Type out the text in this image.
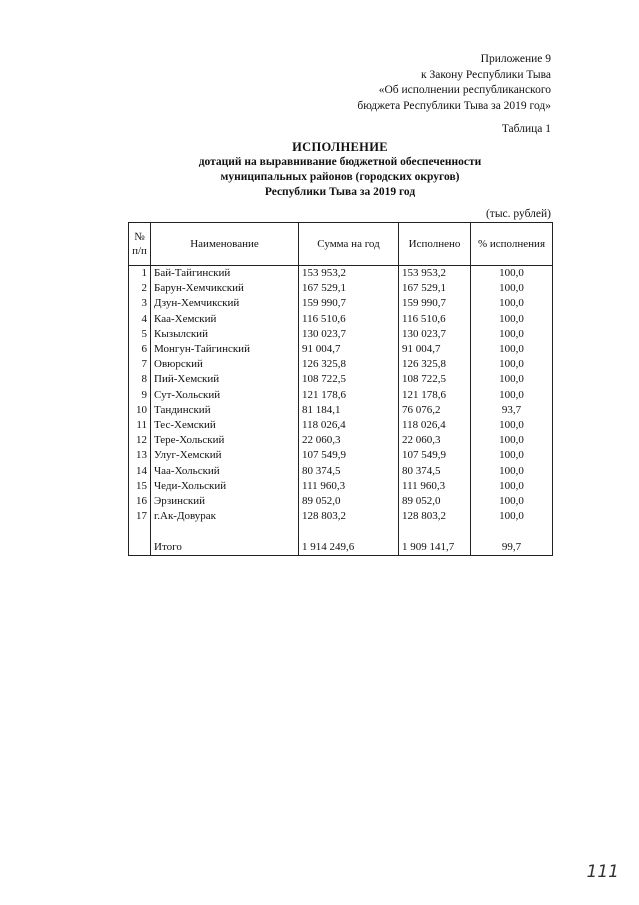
Приложение 9
к Закону Республики Тыва
«Об исполнении республиканского
бюджета Республики Тыва за 2019 год»
Таблица 1
ИСПОЛНЕНИЕ
дотаций на выравнивание бюджетной обеспеченности
муниципальных районов (городских округов)
Республики Тыва за 2019 год
(тыс. рублей)
№
п/п	Наименование	Сумма на год	Исполнено	% исполнения
1	Бай-Тайгинский	153 953,2	153 953,2	100,0
2	Барун-Хемчикский	167 529,1	167 529,1	100,0
3	Дзун-Хемчикский	159 990,7	159 990,7	100,0
4	Каа-Хемский	116 510,6	116 510,6	100,0
5	Кызылский	130 023,7	130 023,7	100,0
6	Монгун-Тайгинский	91 004,7	91 004,7	100,0
7	Овюрский	126 325,8	126 325,8	100,0
8	Пий-Хемский	108 722,5	108 722,5	100,0
9	Сут-Хольский	121 178,6	121 178,6	100,0
10	Тандинский	81 184,1	76 076,2	93,7
11	Тес-Хемский	118 026,4	118 026,4	100,0
12	Тере-Хольский	22 060,3	22 060,3	100,0
13	Улуг-Хемский	107 549,9	107 549,9	100,0
14	Чаа-Хольский	80 374,5	80 374,5	100,0
15	Чеди-Хольский	111 960,3	111 960,3	100,0
16	Эрзинский	89 052,0	89 052,0	100,0
17	г.Ак-Довурак	128 803,2	128 803,2	100,0

	Итого	1 914 249,6	1 909 141,7	99,7
111
